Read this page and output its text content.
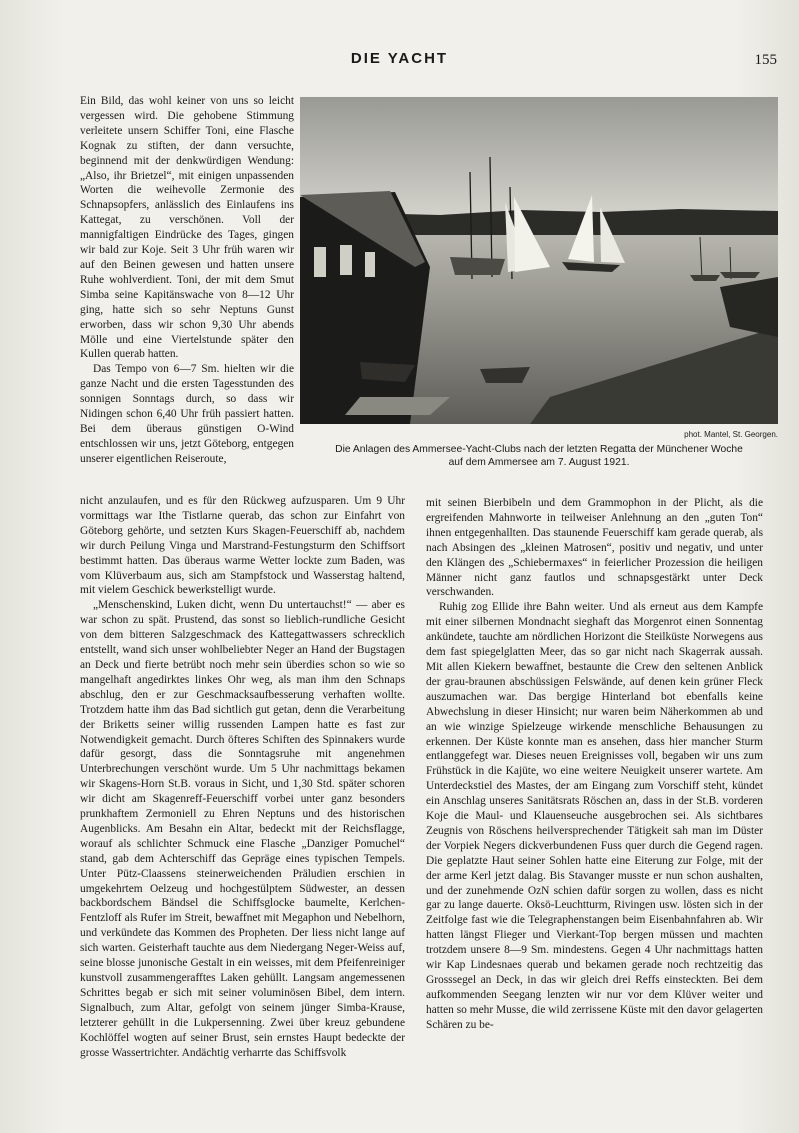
DIE YACHT	155

Ein Bild, das wohl keiner von uns so leicht vergessen wird. Die gehobene Stimmung verleitete unsern Schiffer Toni, eine Flasche Kognak zu stiften, der dann versuchte, beginnend mit der denkwürdigen Wendung: „Also, ihr Brietzel“, mit einigen unpassenden Worten die weihevolle Zermonie des Schnapsopfers, anlässlich des Einlaufens ins Kattegat, zu verschönen. Voll der mannigfaltigen Eindrücke des Tages, gingen wir bald zur Koje. Seit 3 Uhr früh waren wir auf den Beinen gewesen und hatten unsere Ruhe wohlverdient. Toni, der mit dem Smut Simba seine Kapitänswache von 8—12 Uhr ging, hatte sich so sehr Neptuns Gunst erworben, dass wir schon 9,30 Uhr abends Mölle und eine Viertelstunde später den Kullen querab hatten.

Das Tempo von 6—7 Sm. hielten wir die ganze Nacht und die ersten Tagesstunden des sonnigen Sonntags durch, so dass wir Nidingen schon 6,40 Uhr früh passiert hatten. Bei dem überaus günstigen O-Wind entschlossen wir uns, jetzt Göteborg, entgegen unserer eigentlichen Reiseroute,

phot. Mantel, St. Georgen.
Die Anlagen des Ammersee-Yacht-Clubs nach der letzten Regatta der Münchener Woche
auf dem Ammersee am 7. August 1921.

nicht anzulaufen, und es für den Rückweg aufzusparen. Um 9 Uhr vormittags war Ithe Tistlarne querab, das schon zur Einfahrt von Göteborg gehörte, und setzten Kurs Skagen-Feuerschiff ab, nachdem wir durch Peilung Vinga und Marstrand-Festungsturm den Schiffsort bestimmt hatten. Das überaus warme Wetter lockte zum Baden, was vom Klüverbaum aus, sich am Stampfstock und Wasserstag haltend, mit vielem Geschick bewerkstelligt wurde.

„Menschenskind, Luken dicht, wenn Du untertauchst!“ — aber es war schon zu spät. Prustend, das sonst so lieblich-rundliche Gesicht von dem bitteren Salzgeschmack des Kattegattwassers schrecklich entstellt, wand sich unser wohlbeliebter Neger an Hand der Bugstagen an Deck und fierte betrübt noch mehr sein überdies schon so wie so mangelhaft angedirktes linkes Ohr weg, als man ihm den Schnaps abschlug, den er zur Geschmacksaufbesserung verhaften wollte. Trotzdem hatte ihm das Bad sichtlich gut getan, denn die Verarbeitung der Briketts seiner willig russenden Lampen hatte es fast zur Notwendigkeit gemacht. Durch öfteres Schiften des Spinnakers wurde dafür gesorgt, dass die Sonntagsruhe mit angenehmen Unterbrechungen verschönt wurde. Um 5 Uhr nachmittags bekamen wir Skagens-Horn St.B. voraus in Sicht, und 1,30 Std. später schoren wir dicht am Skagenreff-Feuerschiff vorbei unter ganz besonders prunkhaftem Zermoniell zu Ehren Neptuns und des historischen Augenblicks. Am Besahn ein Altar, bedeckt mit der Reichsflagge, worauf als schlichter Schmuck eine Flasche „Danziger Pomuchel“ stand, gab dem Achterschiff das Gepräge eines typischen Tempels. Unter Pütz-Claassens steinerweichenden Präludien erschien in umgekehrtem Oelzeug und hochgestülptem Südwester, an dessen backbordschem Bändsel die Schiffsglocke baumelte, Kerlchen-Fentzloff als Rufer im Streit, bewaffnet mit Megaphon und Nebelhorn, und verkündete das Kommen des Propheten. Der liess nicht lange auf sich warten. Geisterhaft tauchte aus dem Niedergang Neger-Weiss auf, seine blosse junonische Gestalt in ein weisses, mit dem Pfeifenreiniger kunstvoll zusammengerafftes Laken gehüllt. Langsam angemessenen Schrittes begab er sich mit seiner voluminösen Bibel, dem intern. Signalbuch, zum Altar, gefolgt von seinem jünger Simba-Krause, letzterer gehüllt in die Lukpersenning. Zwei über kreuz gebundene Kochlöffel wogten auf seiner Brust, sein ernstes Haupt bedeckte der grosse Wassertrichter. Andächtig verharrte das Schiffsvolk

mit seinen Bierbibeln und dem Grammophon in der Plicht, als die ergreifenden Mahnworte in teilweiser Anlehnung an den „guten Ton“ ihnen entgegenhallten. Das staunende Feuerschiff kam gerade querab, als nach Absingen des „kleinen Matrosen“, positiv und negativ, und unter den Klängen des „Schiebermaxes“ in feierlicher Prozession die heiligen Männer nicht ganz fautlos und schnapsgestärkt unter Deck verschwanden.

Ruhig zog Ellide ihre Bahn weiter. Und als erneut aus dem Kampfe mit einer silbernen Mondnacht sieghaft das Morgenrot einen Sonnentag ankündete, tauchte am nördlichen Horizont die Steilküste Norwegens aus dem fast spiegelglatten Meer, das so gar nicht nach Skagerrak aussah. Mit allen Kiekern bewaffnet, bestaunte die Crew den seltenen Anblick der grau-braunen abschüssigen Felswände, auf denen kein grüner Fleck auszumachen war. Das bergige Hinterland bot ebenfalls keine Abwechslung in dieser Hinsicht; nur waren beim Näherkommen ab und an wie winzige Spielzeuge wirkende menschliche Behausungen zu erkennen. Der Küste konnte man es ansehen, dass hier mancher Sturm entlanggefegt war. Dieses neuen Ereignisses voll, begaben wir uns zum Frühstück in die Kajüte, wo eine weitere Neuigkeit unserer wartete. Am Unterdeckstiel des Mastes, der am Eingang zum Vorschiff steht, kündet ein Anschlag unseres Sanitätsrats Röschen an, dass in der St.B. vorderen Koje die Maul- und Klauenseuche ausgebrochen sei. Als sichtbares Zeugnis von Röschens heilversprechender Tätigkeit sah man im Düster der Vorpiek Negers dickverbundenen Fuss quer durch die Gegend ragen. Die geplatzte Haut seiner Sohlen hatte eine Eiterung zur Folge, mit der der arme Kerl jetzt dalag. Bis Stavanger musste er nun schon aushalten, und der zunehmende OzN schien dafür sorgen zu wollen, dass es nicht gar zu lange dauerte. Oksö-Leuchtturm, Rivingen usw. lösten sich in der Zeitfolge fast wie die Telegraphenstangen beim Eisenbahnfahren ab. Wir hatten längst Flieger und Vierkant-Top bergen müssen und machten trotzdem unsere 8—9 Sm. mindestens. Gegen 4 Uhr nachmittags hatten wir Kap Lindesnaes querab und bekamen gerade noch rechtzeitig das Grosssegel an Deck, in das wir gleich drei Reffs einsteckten. Bei dem aufkommenden Seegang lenzten wir nur vor dem Klüver weiter und hatten so mehr Musse, die wild zerrissene Küste mit den davor gelagerten Schären zu be-
